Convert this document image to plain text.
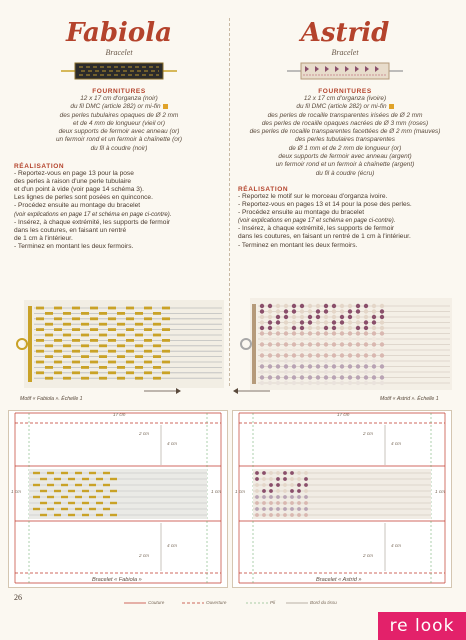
Fabiola

Bracelet

FOURNITURES

12 x 17 cm d'organza (noir)

du fil DMC (article 282) or mi-fin

des perles tubulaires opaques de Ø 2 mm

et de 4 mm de longueur (vieil or)

deux supports de fermoir avec anneau (or)

un fermoir rond et un fermoir à chaînette (or)

du fil à coudre (noir)

RÉALISATION

- Reportez-vous en page 13 pour la pose

des perles à raison d'une perle tubulaire

et d'un point à vide (voir page 14 schéma 3).

Les lignes de perles sont posées en quinconce.

- Procédez ensuite au montage du bracelet

(voir explications en page 17 et schéma en page ci-contre).

- Insérez, à chaque extrémité, les supports de fermoir

dans les coutures, en faisant un rentré

de 1 cm à l'intérieur.

- Terminez en montant les deux fermoirs.

Astrid

Bracelet

FOURNITURES

12 x 17 cm d'organza (ivoire)

du fil DMC (article 282) or mi-fin

des perles de rocaille transparentes irisées de Ø 2 mm

des perles de rocaille opaques nacrées de Ø 3 mm (roses)

des perles de rocaille transparentes facettées de Ø 2 mm (mauves)

des perles tubulaires transparentes

de Ø 1 mm et de 2 mm de longueur (or)

deux supports de fermoir avec anneau (argent)

un fermoir rond et un fermoir à chaînette (argent)

du fil à coudre (écru)

RÉALISATION

- Reportez le motif sur le morceau d'organza ivoire.

- Reportez-vous en pages 13 et 14 pour la pose des perles.

- Procédez ensuite au montage du bracelet

(voir explications en page 17 et schéma en page ci-contre).

- Insérez, à chaque extrémité, les supports de fermoir

dans les coutures, en faisant un rentré de 1 cm à l'intérieur.

- Terminez en montant les deux fermoirs.

Motif « Fabiola ». Échelle 1	Motif « Astrid ». Échelle 1
17 cm
2 cm
4 cm
2 cm
4 cm
1 cm	1 cm
Bracelet « Fabiola »
17 cm
2 cm
4 cm
2 cm
4 cm
1 cm	1 cm
Bracelet « Astrid »
Couture	Ouverture	Pli	Bord du tissu
26
re look
